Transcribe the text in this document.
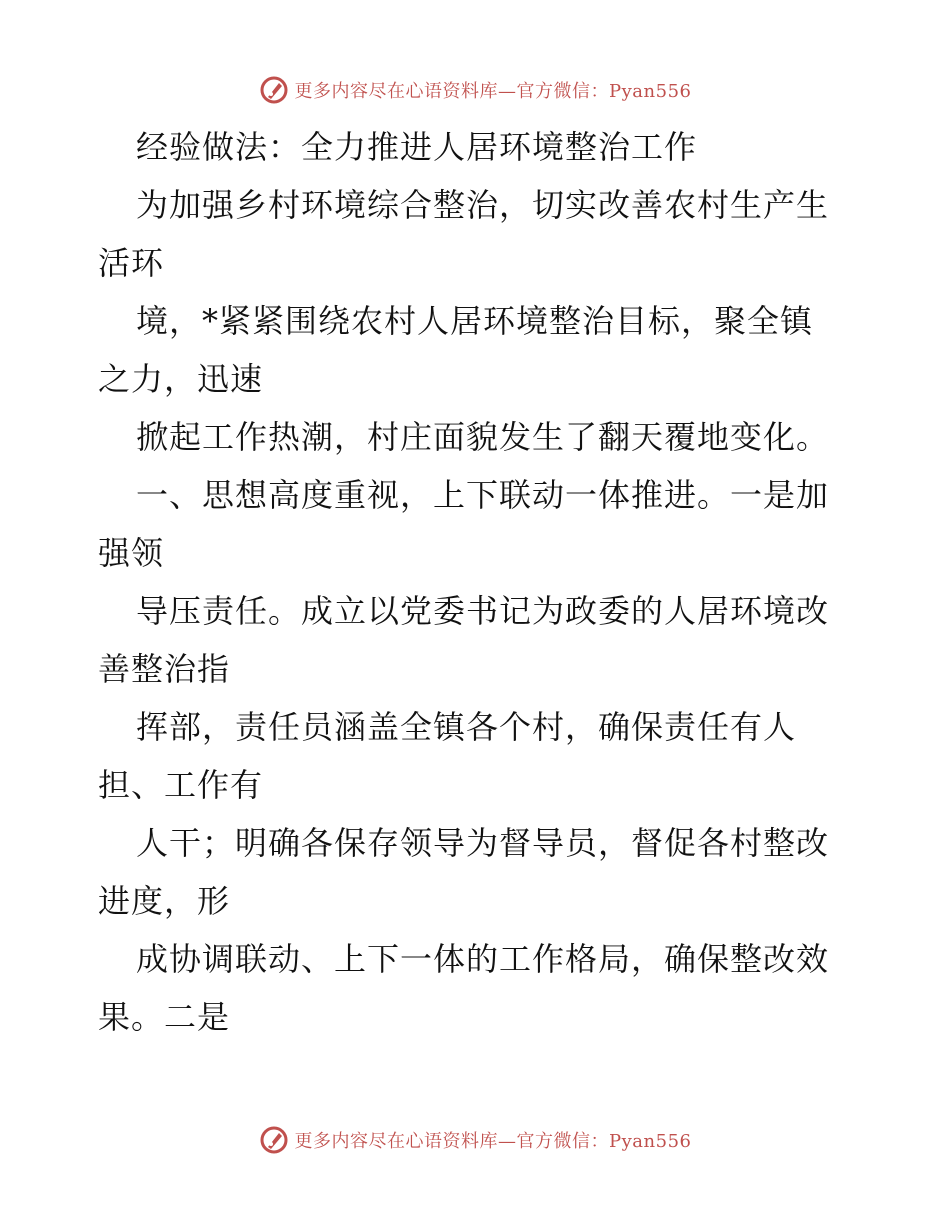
更多内容尽在心语资料库—官方微信：Pyan556
经验做法：全力推进人居环境整治工作
为加强乡村环境综合整治，切实改善农村生产生
活环
境，*紧紧围绕农村人居环境整治目标，聚全镇
之力，迅速
掀起工作热潮，村庄面貌发生了翻天覆地变化。
一、思想高度重视，上下联动一体推进。一是加
强领
导压责任。成立以党委书记为政委的人居环境改
善整治指
挥部，责任员涵盖全镇各个村，确保责任有人
担、工作有
人干；明确各保存领导为督导员，督促各村整改
进度，形
成协调联动、上下一体的工作格局，确保整改效
果。二是
更多内容尽在心语资料库—官方微信：Pyan556
